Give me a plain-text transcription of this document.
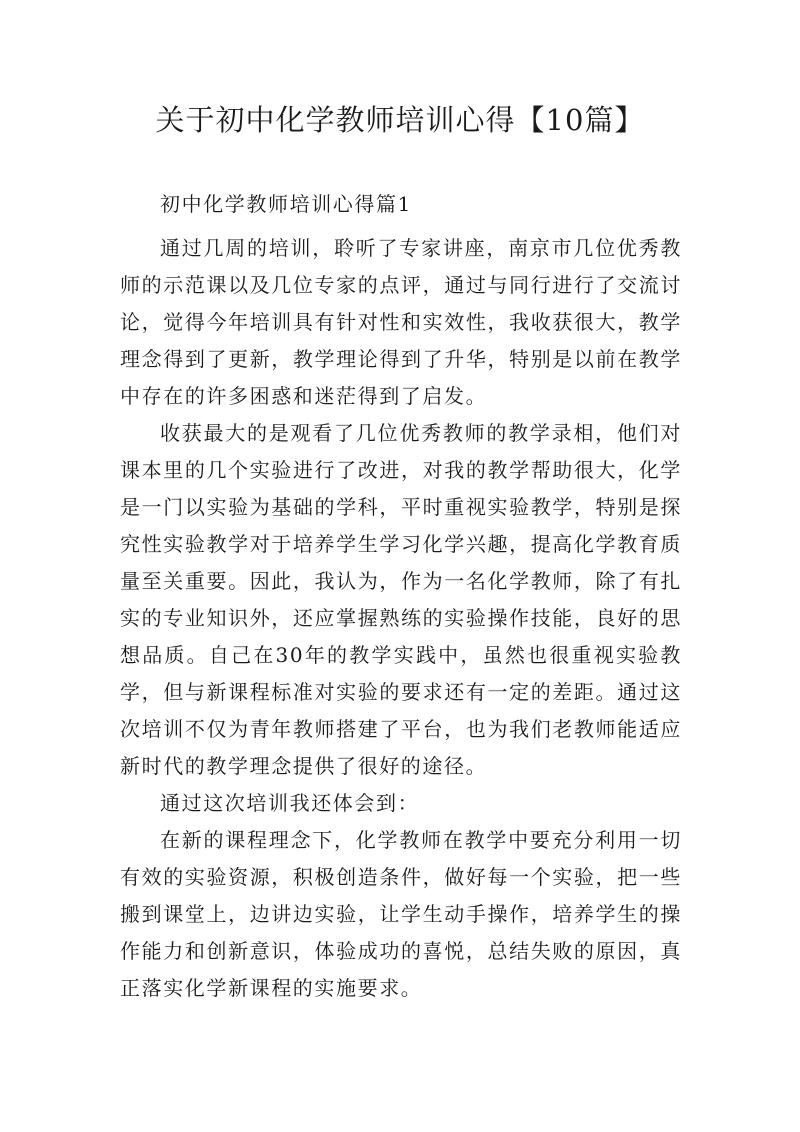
关于初中化学教师培训心得【10篇】

初中化学教师培训心得篇1

通过几周的培训，聆听了专家讲座，南京市几位优秀教师的示范课以及几位专家的点评，通过与同行进行了交流讨论，觉得今年培训具有针对性和实效性，我收获很大，教学理念得到了更新，教学理论得到了升华，特别是以前在教学中存在的许多困惑和迷茫得到了启发。

收获最大的是观看了几位优秀教师的教学录相，他们对课本里的几个实验进行了改进，对我的教学帮助很大，化学是一门以实验为基础的学科，平时重视实验教学，特别是探究性实验教学对于培养学生学习化学兴趣，提高化学教育质量至关重要。因此，我认为，作为一名化学教师，除了有扎实的专业知识外，还应掌握熟练的实验操作技能，良好的思想品质。自己在30年的教学实践中，虽然也很重视实验教学，但与新课程标准对实验的要求还有一定的差距。通过这次培训不仅为青年教师搭建了平台，也为我们老教师能适应新时代的教学理念提供了很好的途径。

通过这次培训我还体会到：

在新的课程理念下，化学教师在教学中要充分利用一切有效的实验资源，积极创造条件，做好每一个实验，把一些搬到课堂上，边讲边实验，让学生动手操作，培养学生的操作能力和创新意识，体验成功的喜悦，总结失败的原因，真正落实化学新课程的实施要求。
